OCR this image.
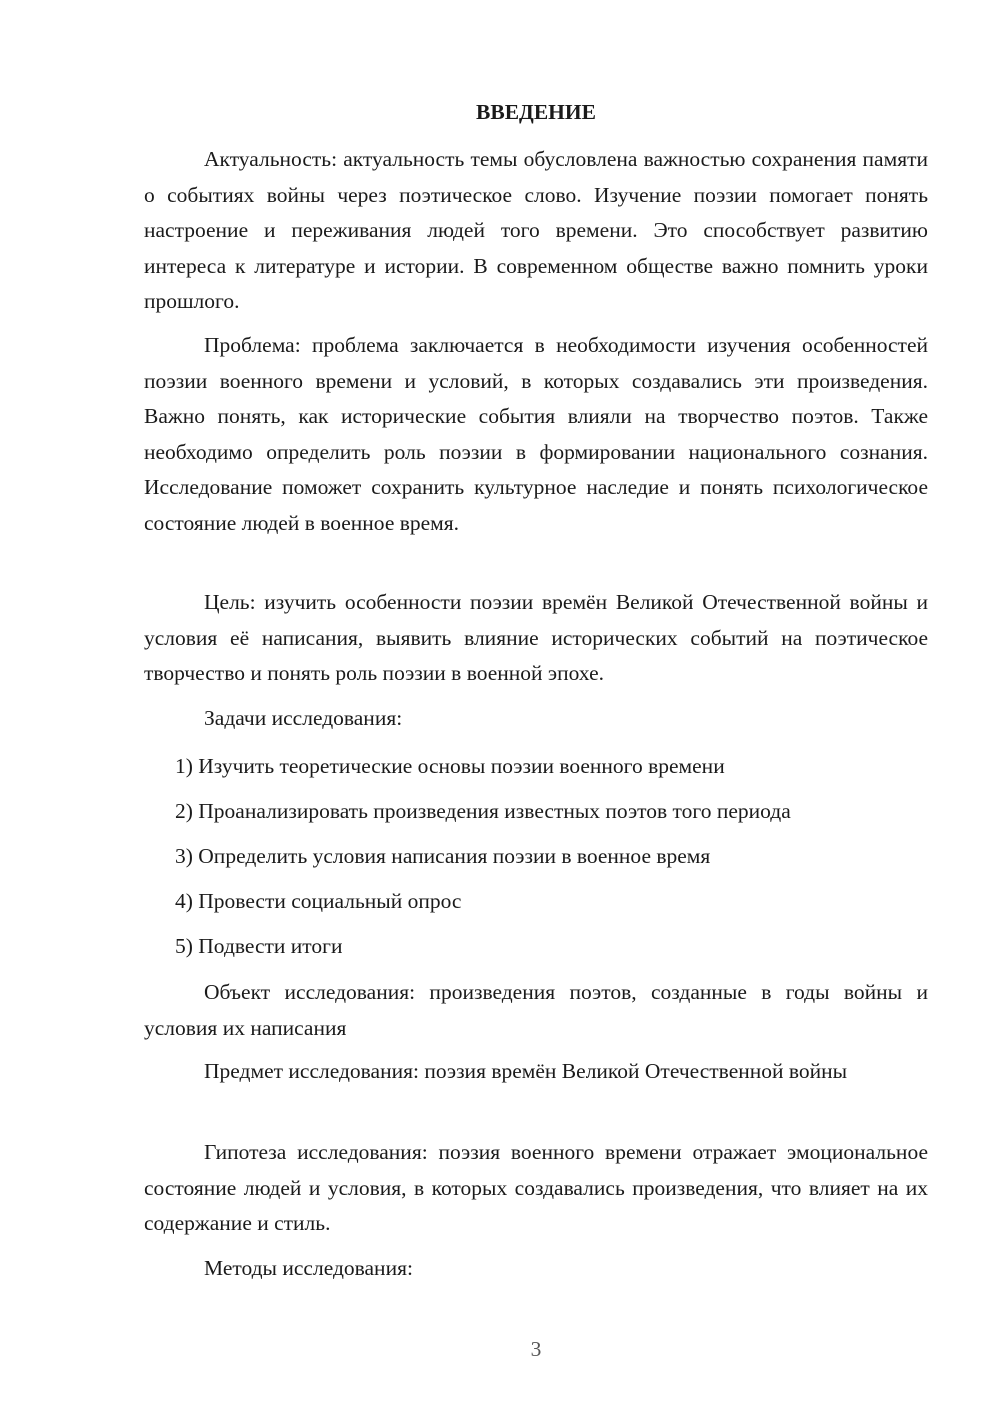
ВВЕДЕНИЕ

Актуальность: актуальность темы обусловлена важностью сохранения памяти о событиях войны через поэтическое слово. Изучение поэзии помогает понять настроение и переживания людей того времени. Это способствует развитию интереса к литературе и истории. В современном обществе важно помнить уроки прошлого.

Проблема: проблема заключается в необходимости изучения особенностей поэзии военного времени и условий, в которых создавались эти произведения. Важно понять, как исторические события влияли на творчество поэтов. Также необходимо определить роль поэзии в формировании национального сознания. Исследование поможет сохранить культурное наследие и понять психологическое состояние людей в военное время.

Цель: изучить особенности поэзии времён Великой Отечественной войны и условия её написания, выявить влияние исторических событий на поэтическое творчество и понять роль поэзии в военной эпохе.

Задачи исследования:

1) Изучить теоретические основы поэзии военного времени

2) Проанализировать произведения известных поэтов того периода

3) Определить условия написания поэзии в военное время

4) Провести социальный опрос

5) Подвести итоги

Объект исследования: произведения поэтов, созданные в годы войны и условия их написания

Предмет исследования: поэзия времён Великой Отечественной войны

Гипотеза исследования: поэзия военного времени отражает эмоциональное состояние людей и условия, в которых создавались произведения, что влияет на их содержание и стиль.

Методы исследования:

3
